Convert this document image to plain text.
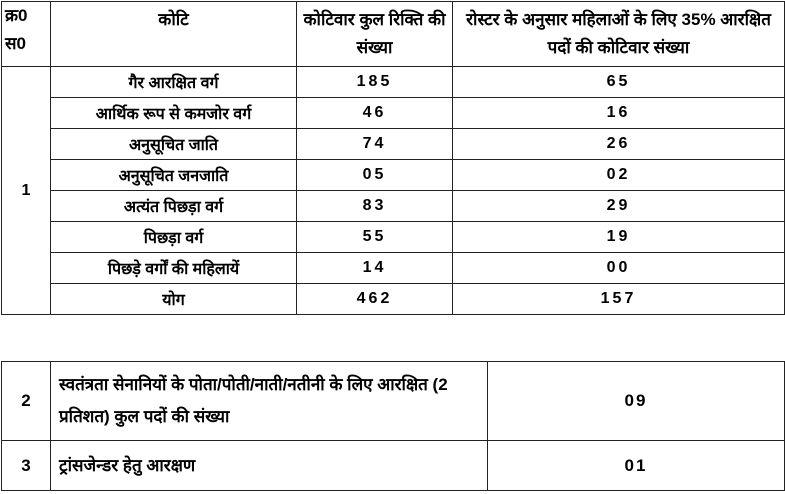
क्र0
स0	कोटि	कोटिवार कुल रिक्ति की संख्या	रोस्टर के अनुसार महिलाओं के लिए 35% आरक्षित पदों की कोटिवार संख्या
1	गैर आरक्षित वर्ग	185	65
	आर्थिक रूप से कमजोर वर्ग	46	16
	अनुसूचित जाति	74	26
	अनुसूचित जनजाति	05	02
	अत्यंत पिछड़ा वर्ग	83	29
	पिछड़ा वर्ग	55	19
	पिछड़े वर्गों की महिलायें	14	00
	योग	462	157
2	स्वतंत्रता सेनानियों के पोता/पोती/नाती/नतीनी के लिए आरक्षित (2 प्रतिशत) कुल पदों की संख्या	09
3	ट्रांसजेन्डर हेतु आरक्षण	01
